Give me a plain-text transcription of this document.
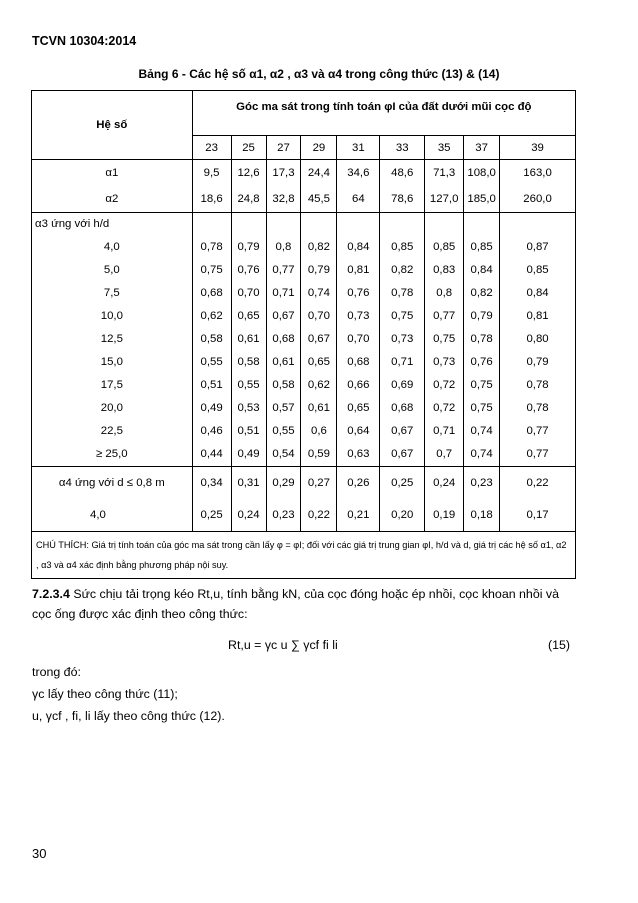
TCVN 10304:2014
Bảng 6 - Các hệ số α1, α2 , α3 và α4 trong công thức (13) & (14)
Hệ số	Góc ma sát trong tính toán φI của đất dưới mũi cọc độ								
	23	25	27	29	31	33	35	37	39
α1	9,5	12,6	17,3	24,4	34,6	48,6	71,3	108,0	163,0
α2	18,6	24,8	32,8	45,5	64	78,6	127,0	185,0	260,0
α3 ứng với h/d									
4,0	0,78	0,79	0,8	0,82	0,84	0,85	0,85	0,85	0,87
5,0	0,75	0,76	0,77	0,79	0,81	0,82	0,83	0,84	0,85
7,5	0,68	0,70	0,71	0,74	0,76	0,78	0,8	0,82	0,84
10,0	0,62	0,65	0,67	0,70	0,73	0,75	0,77	0,79	0,81
12,5	0,58	0,61	0,68	0,67	0,70	0,73	0,75	0,78	0,80
15,0	0,55	0,58	0,61	0,65	0,68	0,71	0,73	0,76	0,79
17,5	0,51	0,55	0,58	0,62	0,66	0,69	0,72	0,75	0,78
20,0	0,49	0,53	0,57	0,61	0,65	0,68	0,72	0,75	0,78
22,5	0,46	0,51	0,55	0,6	0,64	0,67	0,71	0,74	0,77
≥ 25,0	0,44	0,49	0,54	0,59	0,63	0,67	0,7	0,74	0,77
α4 ứng với d ≤ 0,8 m	0,34	0,31	0,29	0,27	0,26	0,25	0,24	0,23	0,22
4,0	0,25	0,24	0,23	0,22	0,21	0,20	0,19	0,18	0,17
CHÚ THÍCH: Giá trị tính toán của góc ma sát trong cần lấy φ = φI; đối với các giá trị trung gian φI, h/d và d, giá trị các hệ số α1, α2 , α3 và α4 xác định bằng phương pháp nội suy.									
7.2.3.4 Sức chịu tải trọng kéo Rt,u, tính bằng kN, của cọc đóng hoặc ép nhồi, cọc khoan nhồi và cọc ống được xác định theo công thức:
Rt,u = γc u ∑ γcf fi li	(15)
trong đó:
γc lấy theo công thức (11);
u, γcf , fi, li lấy theo công thức (12).
30
